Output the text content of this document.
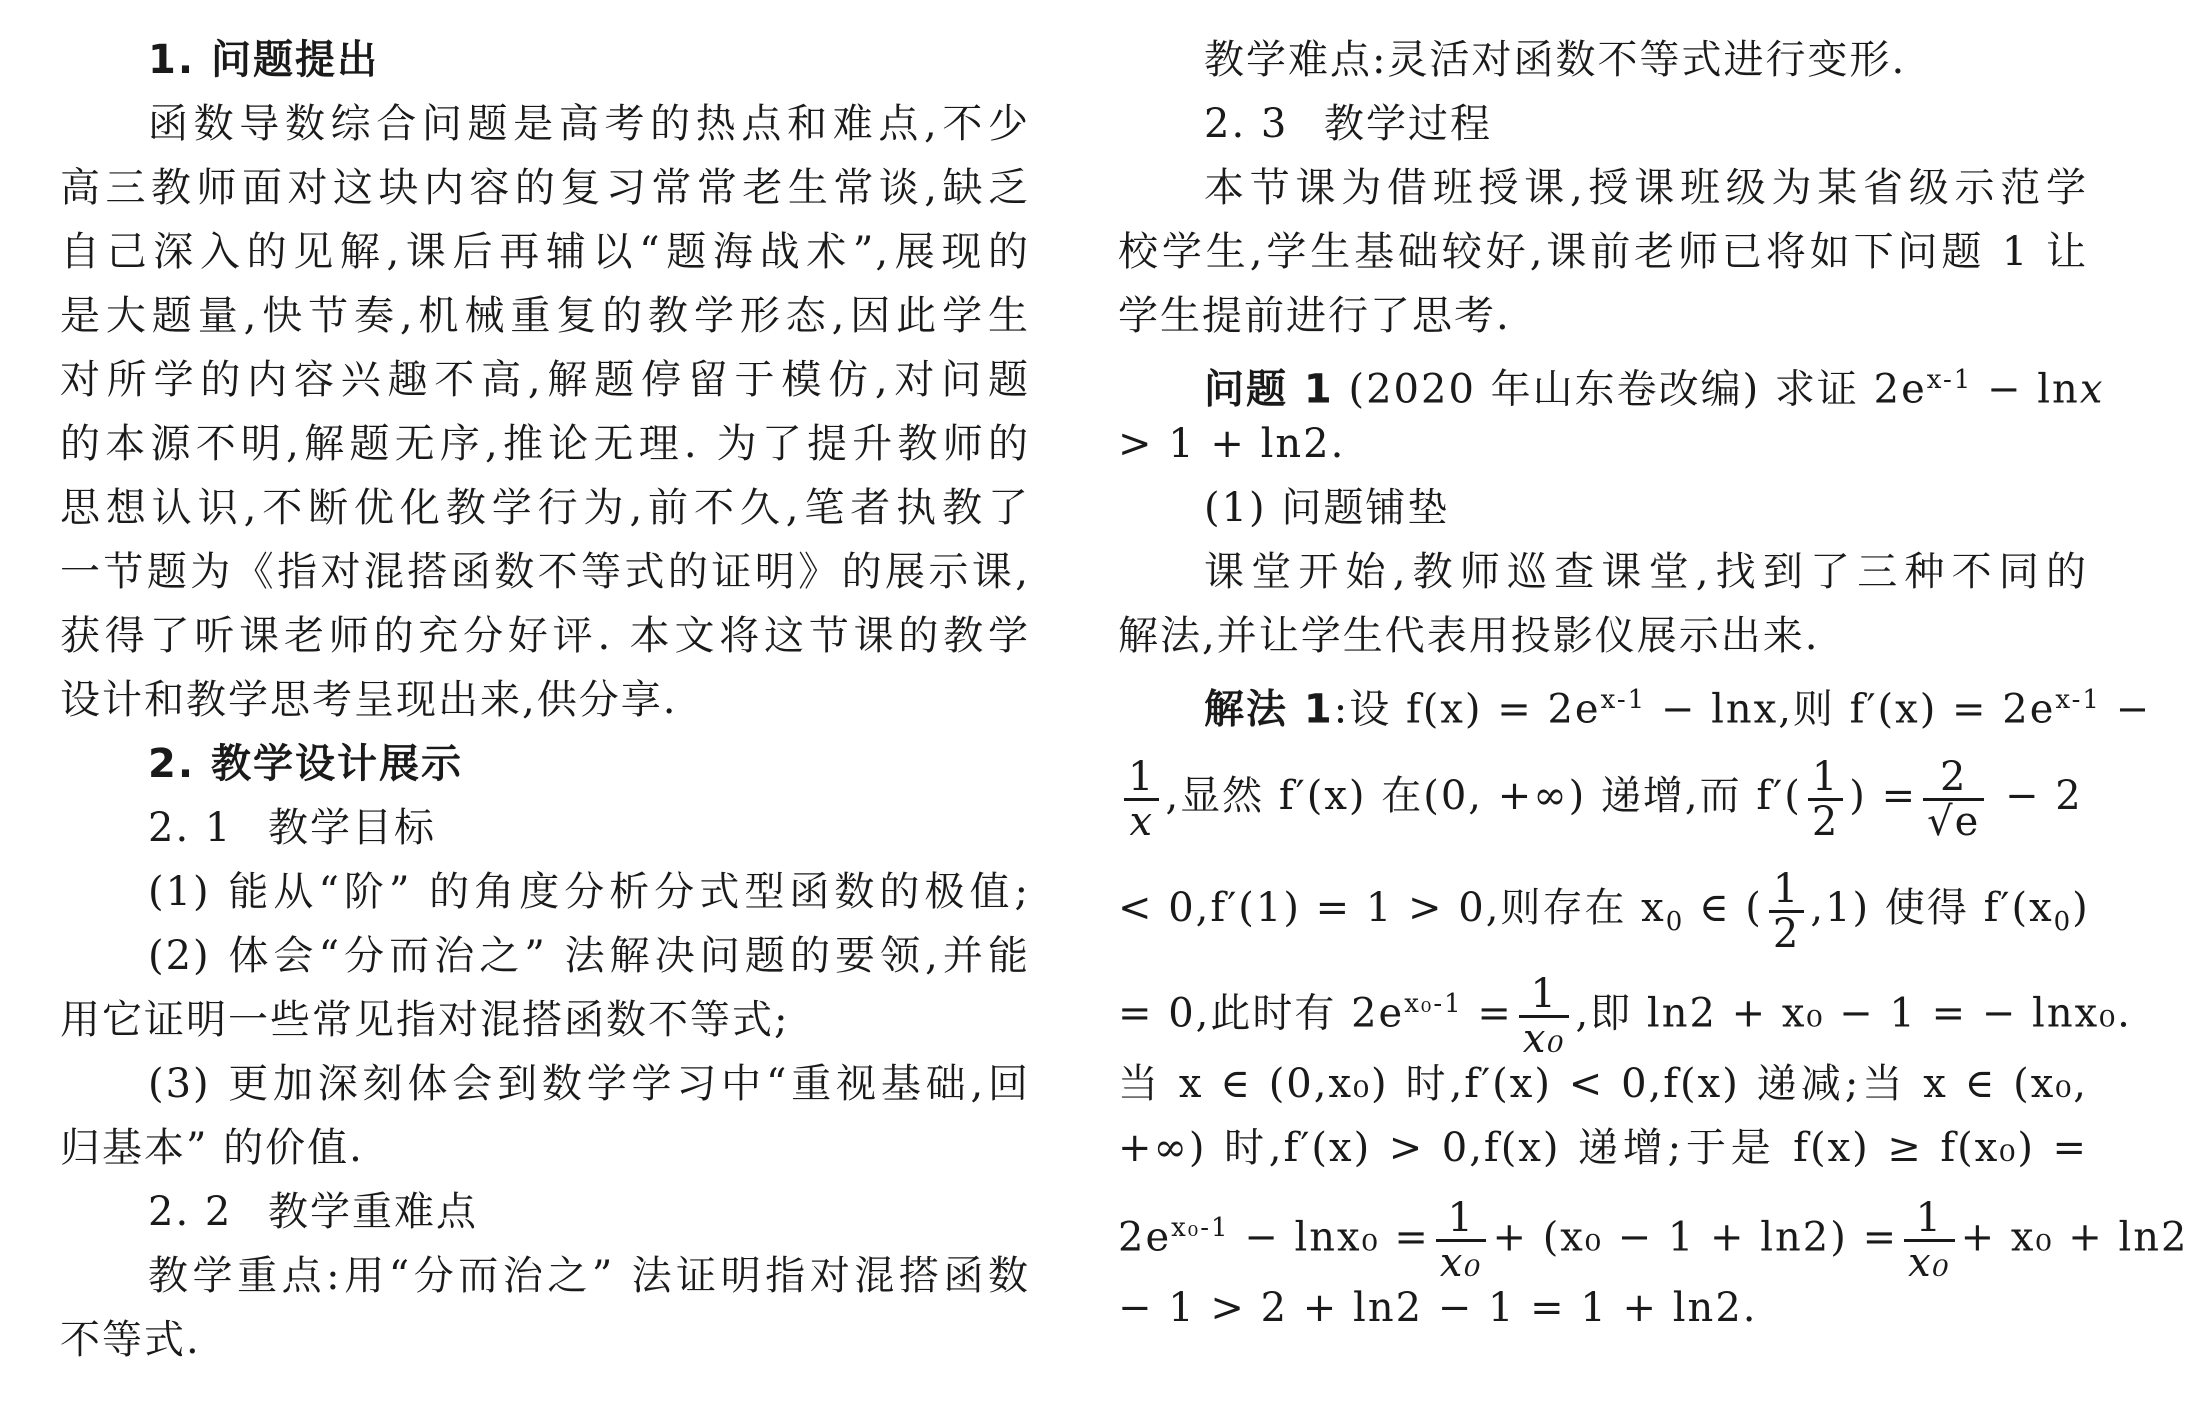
1. 问题提出
函数导数综合问题是高考的热点和难点,不少
高三教师面对这块内容的复习常常老生常谈,缺乏
自己深入的见解,课后再辅以“题海战术”,展现的
是大题量,快节奏,机械重复的教学形态,因此学生
对所学的内容兴趣不高,解题停留于模仿,对问题
的本源不明,解题无序,推论无理. 为了提升教师的
思想认识,不断优化教学行为,前不久,笔者执教了
一节题为《指对混搭函数不等式的证明》的展示课,
获得了听课老师的充分好评. 本文将这节课的教学
设计和教学思考呈现出来,供分享.
2. 教学设计展示
2. 1 教学目标
(1) 能从“阶” 的角度分析分式型函数的极值;
(2) 体会“分而治之” 法解决问题的要领,并能
用它证明一些常见指对混搭函数不等式;
(3) 更加深刻体会到数学学习中“重视基础,回
归基本” 的价值.
2. 2 教学重难点
教学重点:用“分而治之” 法证明指对混搭函数
不等式.
教学难点:灵活对函数不等式进行变形.
2. 3 教学过程
本节课为借班授课,授课班级为某省级示范学
校学生,学生基础较好,课前老师已将如下问题 1 让
学生提前进行了思考.
问题 1 (2020 年山东卷改编) 求证 $2e^{x-1} - \ln x$
> 1 + ln2.
(1) 问题铺垫
课堂开始,教师巡查课堂,找到了三种不同的
解法,并让学生代表用投影仪展示出来.
解法 1:设 $f(x) = 2e^{x-1} - \ln x$,则 $f'(x) = 2e^{x-1}$ −
$\frac{1}{x}$ ,显然 f′(x) 在(0, +∞) 递增,而 $f'( \frac{1}{2}$ ) = $\frac{2}{√e} - 2$
< 0,f′(1) = 1 > 0,则存在 $x_0$ ∈ ( $\frac{1}{2} ,1$) 使得 $f'(x_0)$
= 0,此时有 $2e^{x_0-1} = \frac{1}{\text{x₀}}$ ,即 ln2 + x₀ − 1 = − lnx₀.
当 x ∈ (0,x₀) 时,f′(x) < 0,f(x) 递减;当 x ∈ (x₀,
+∞) 时,f′(x) > 0,f(x) 递增;于是 f(x) ≥ f(x₀) =
$2e^{x_0-1} - \ln x_0 = \frac{1}{\text{x₀}} + (x_0 - 1 + \ln 2) = \frac{1}{\text{x₀}} + x_0 + \ln 2$
− 1 > 2 + ln2 − 1 = 1 + ln2.
